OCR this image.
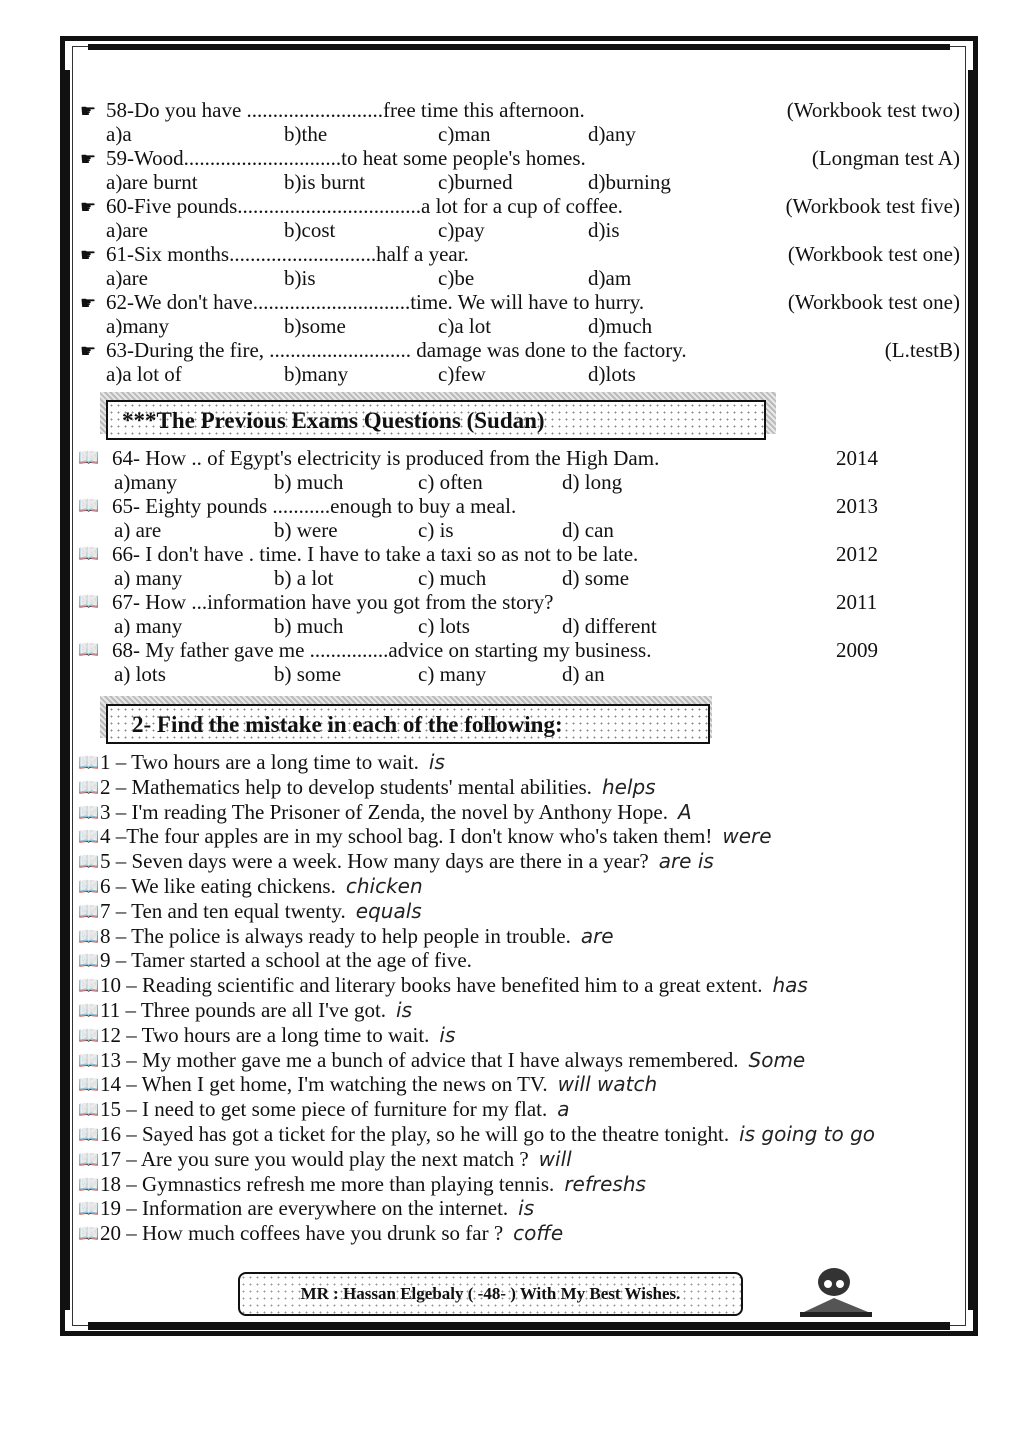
☛ 58-Do you have ..........................free time this afternoon.	(Workbook test two)
a)a	b)the	c)man	d)any
☛ 59-Wood..............................to heat some people's homes.	(Longman test A)
a)are burnt	b)is burnt	c)burned	d)burning
☛ 60-Five pounds...................................a lot for a cup of coffee.	(Workbook test five)
a)are	b)cost	c)pay	d)is
☛ 61-Six months............................half a year.	(Workbook test one)
a)are	b)is	c)be	d)am
☛ 62-We don't have..............................time. We will have to hurry.	(Workbook test one)
a)many	b)some	c)a lot	d)much
☛ 63-During the fire, ........................... damage was done to the factory.	(L.testB)
a)a lot of	b)many	c)few	d)lots
***The Previous Exams Questions (Sudan)
📖 64- How .. of Egypt's electricity is produced from the High Dam.	2014
a)many	b) much	c) often	d) long
📖 65- Eighty pounds ...........enough to buy a meal.	2013
a) are	b) were	c) is	d) can
📖 66- I don't have . time. I have to take a taxi so as not to be late.	2012
a) many	b) a lot	c) much	d) some
📖 67- How ...information have you got from the story?	2011
a) many	b) much	c) lots	d) different
📖 68- My father gave me ...............advice on starting my business.	2009
a) lots	b) some	c) many	d) an
2- Find the mistake in each of the following:
📖 1 – Two hours are a long time to wait. is
📖 2 – Mathematics help to develop students' mental abilities. helps
📖 3 – I'm reading The Prisoner of Zenda, the novel by Anthony Hope. A
📖 4 –The four apples are in my school bag. I don't know who's taken them! were
📖 5 – Seven days were a week. How many days are there in a year? are is
📖 6 – We like eating chickens. chicken
📖 7 – Ten and ten equal twenty. equals
📖 8 – The police is always ready to help people in trouble. are
📖 9 – Tamer started a school at the age of five.
📖 10 – Reading scientific and literary books have benefited him to a great extent. has
📖 11 – Three pounds are all I've got. is
📖 12 – Two hours are a long time to wait. is
📖 13 – My mother gave me a bunch of advice that I have always remembered. Some
📖 14 – When I get home, I'm watching the news on TV. will watch
📖 15 – I need to get some piece of furniture for my flat. a
📖 16 – Sayed has got a ticket for the play, so he will go to the theatre tonight. is going to go
📖 17 – Are you sure you would play the next match ? will
📖 18 – Gymnastics refresh me more than playing tennis. refreshs
📖 19 – Information are everywhere on the internet. is
📖 20 – How much coffees have you drunk so far ? coffe
MR : Hassan Elgebaly ( -48- ) With My Best Wishes.
